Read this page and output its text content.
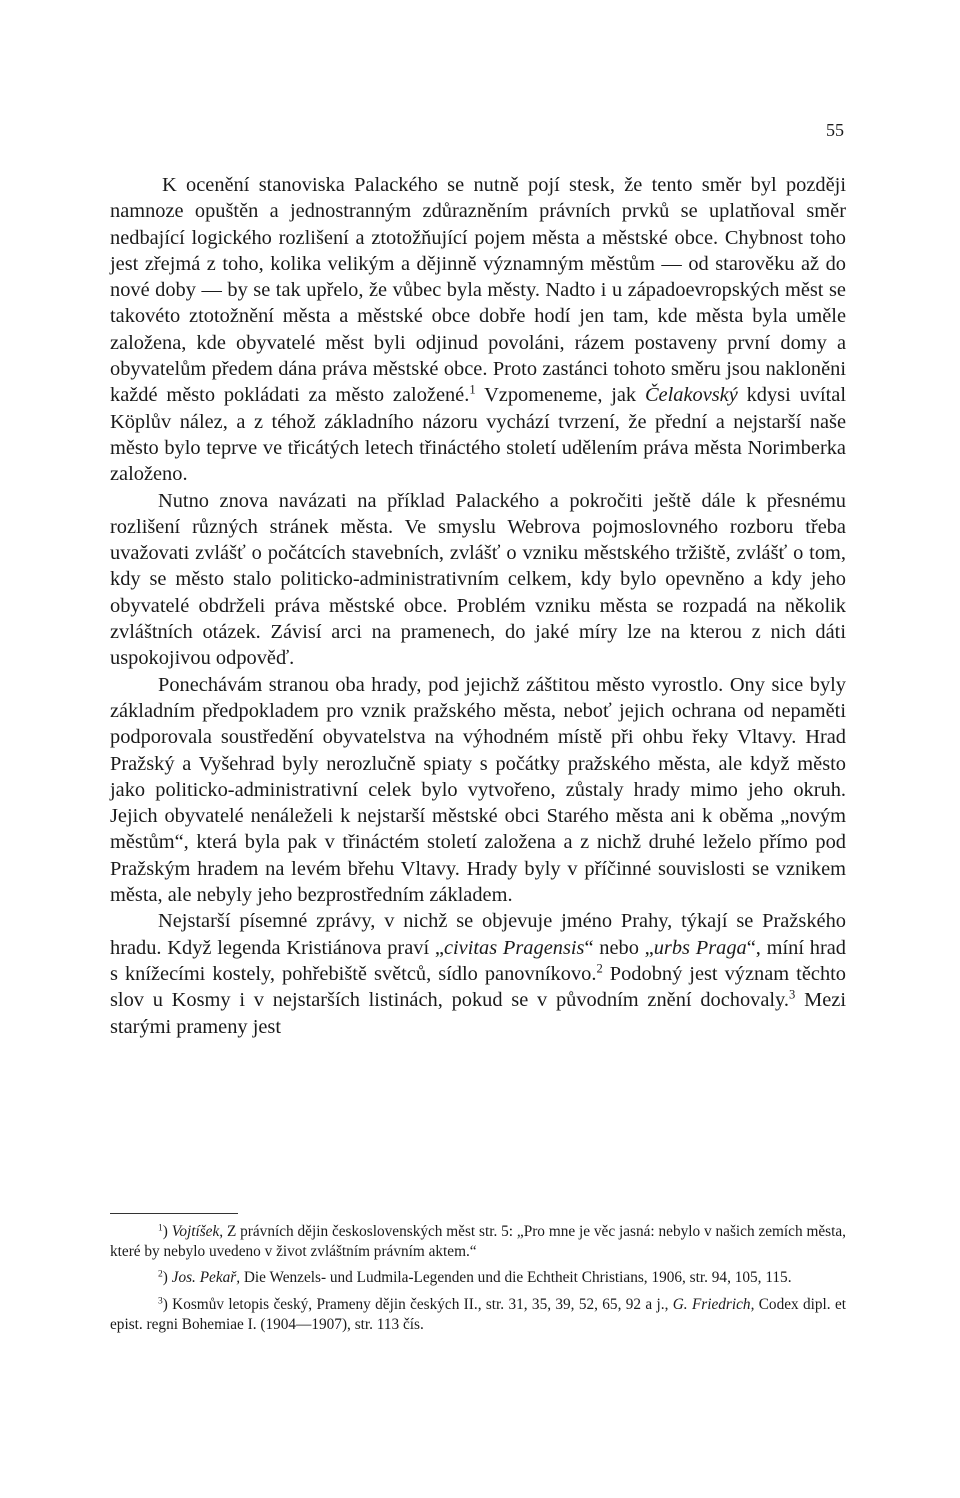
55

K ocenění stanoviska Palackého se nutně pojí stesk, že tento směr byl později namnoze opuštěn a jednostranným zdůrazněním právních prvků se uplatňoval směr nedbající logického rozlišení a ztotožňující pojem města a městské obce. Chybnost toho jest zřejmá z toho, kolika velikým a dějinně významným městům — od starověku až do nové doby — by se tak upřelo, že vůbec byla městy. Nadto i u západoevropských měst se takovéto ztotožnění města a městské obce dobře hodí jen tam, kde města byla uměle založena, kde obyvatelé měst byli odjinud povoláni, rázem postaveny první domy a obyvatelům předem dána práva městské obce. Proto zastánci tohoto směru jsou nakloněni každé město pokládati za město založené.$^1$ Vzpomeneme, jak Čelakovský kdysi uvítal Köplův nález, a z téhož základního názoru vychází tvrzení, že přední a nejstarší naše město bylo teprve ve třicátých letech třináctého století udělením práva města Norimberka založeno.

Nutno znova navázati na příklad Palackého a pokročiti ještě dále k přesnému rozlišení různých stránek města. Ve smyslu Webrova pojmoslovného rozboru třeba uvažovati zvlášť o počátcích stavebních, zvlášť o vzniku městského tržiště, zvlášť o tom, kdy se město stalo politicko-administrativním celkem, kdy bylo opevněno a kdy jeho obyvatelé obdrželi práva městské obce. Problém vzniku města se rozpadá na několik zvláštních otázek. Závisí arci na pramenech, do jaké míry lze na kterou z nich dáti uspokojivou odpověď.

Ponechávám stranou oba hrady, pod jejichž záštitou město vyrostlo. Ony sice byly základním předpokladem pro vznik pražského města, neboť jejich ochrana od nepaměti podporovala soustředění obyvatelstva na výhodném místě při ohbu řeky Vltavy. Hrad Pražský a Vyšehrad byly nerozlučně spiaty s počátky pražského města, ale když město jako politicko-administrativní celek bylo vytvořeno, zůstaly hrady mimo jeho okruh. Jejich obyvatelé nenáleželi k nejstarší městské obci Starého města ani k oběma „novým městům“, která byla pak v třináctém století založena a z nichž druhé leželo přímo pod Pražským hradem na levém břehu Vltavy. Hrady byly v příčinné souvislosti se vznikem města, ale nebyly jeho bezprostředním základem.

Nejstarší písemné zprávy, v nichž se objevuje jméno Prahy, týkají se Pražského hradu. Když legenda Kristiánova praví „civitas Pragensis“ nebo „urbs Praga“, míní hrad s knížecími kostely, pohřebiště světců, sídlo panovníkovo.$^2$ Podobný jest význam těchto slov u Kosmy i v nejstarších listinách, pokud se v původním znění dochovaly.$^3$ Mezi starými prameny jest

$^1$) Vojtíšek, Z právních dějin československých měst str. 5: „Pro mne je věc jasná: nebylo v našich zemích města, které by nebylo uvedeno v život zvláštním právním aktem.“

$^2$) Jos. Pekař, Die Wenzels- und Ludmila-Legenden und die Echtheit Christians, 1906, str. 94, 105, 115.

$^3$) Kosmův letopis český, Prameny dějin českých II., str. 31, 35, 39, 52, 65, 92 a j., G. Friedrich, Codex dipl. et epist. regni Bohemiae I. (1904—1907), str. 113 čís.
